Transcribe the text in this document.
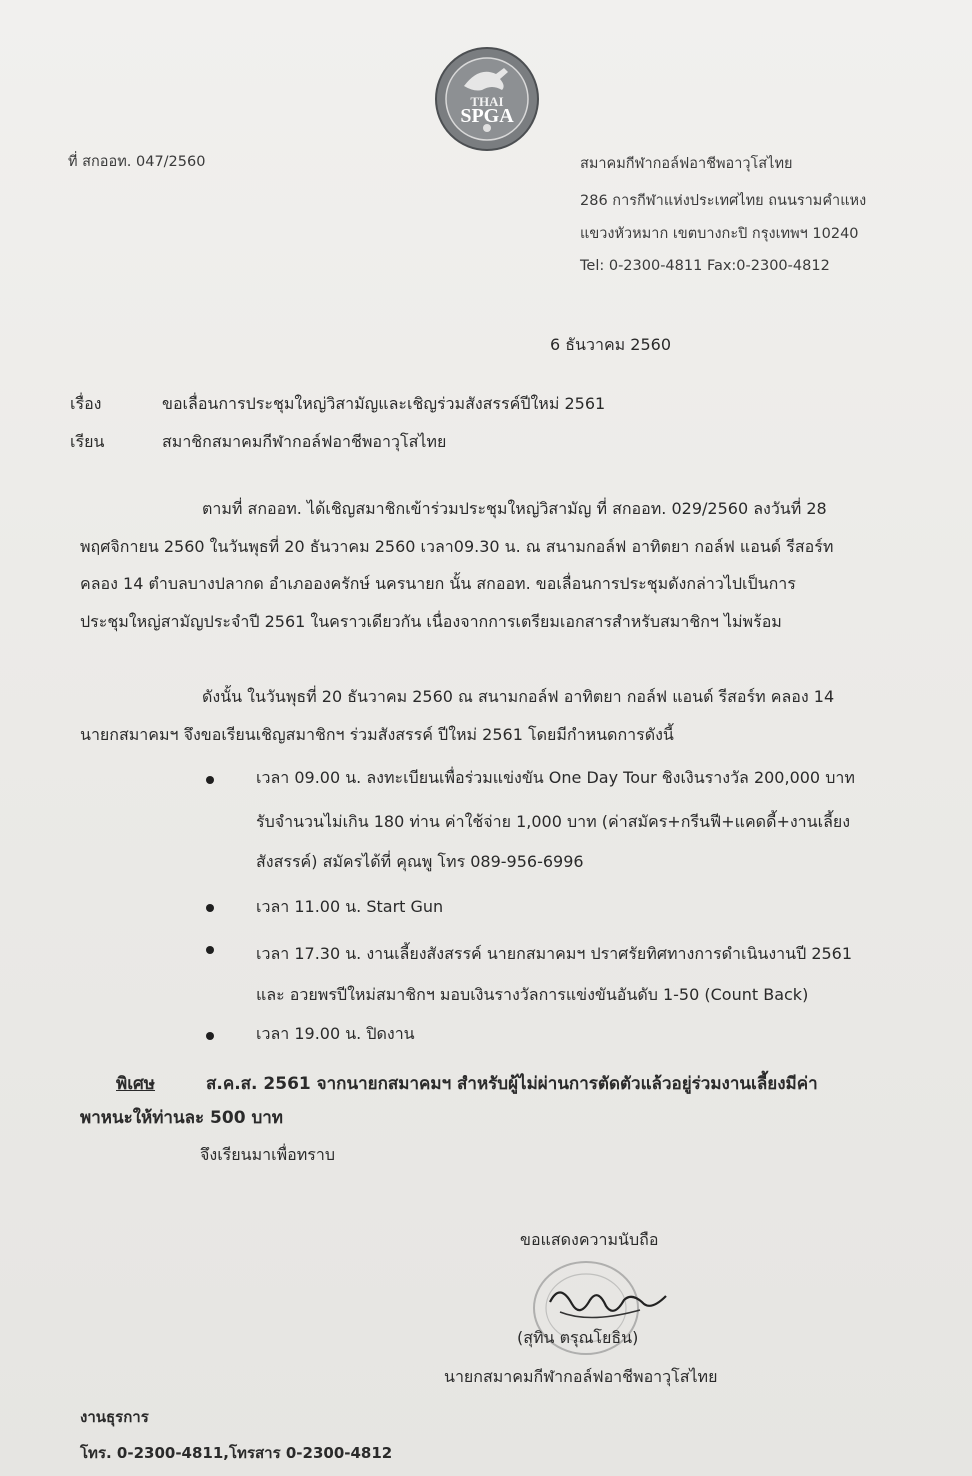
THAI
SPGA
ที่ สกออท. 047/2560	สมาคมกีฬากอล์ฟอาชีพอาวุโสไทย
286 การกีฬาแห่งประเทศไทย ถนนรามคำแหง
แขวงหัวหมาก เขตบางกะปิ กรุงเทพฯ 10240
Tel: 0-2300-4811 Fax:0-2300-4812
6 ธันวาคม 2560
เรื่อง	ขอเลื่อนการประชุมใหญ่วิสามัญและเชิญร่วมสังสรรค์ปีใหม่ 2561
เรียน	สมาชิกสมาคมกีฬากอล์ฟอาชีพอาวุโสไทย

ตามที่ สกออท. ได้เชิญสมาชิกเข้าร่วมประชุมใหญ่วิสามัญ ที่ สกออท. 029/2560 ลงวันที่ 28

พฤศจิกายน 2560 ในวันพุธที่ 20 ธันวาคม 2560 เวลา09.30 น. ณ สนามกอล์ฟ อาทิตยา กอล์ฟ แอนด์ รีสอร์ท

คลอง 14 ตำบลบางปลากด อำเภอองครักษ์ นครนายก นั้น สกออท. ขอเลื่อนการประชุมดังกล่าวไปเป็นการ

ประชุมใหญ่สามัญประจำปี 2561 ในคราวเดียวกัน เนื่องจากการเตรียมเอกสารสำหรับสมาชิกฯ ไม่พร้อม

ดังนั้น ในวันพุธที่ 20 ธันวาคม 2560 ณ สนามกอล์ฟ อาทิตยา กอล์ฟ แอนด์ รีสอร์ท คลอง 14

นายกสมาคมฯ จึงขอเรียนเชิญสมาชิกฯ ร่วมสังสรรค์ ปีใหม่ 2561 โดยมีกำหนดการดังนี้

เวลา 09.00 น. ลงทะเบียนเพื่อร่วมแข่งขัน One Day Tour ชิงเงินรางวัล 200,000 บาท
รับจำนวนไม่เกิน 180 ท่าน ค่าใช้จ่าย 1,000 บาท (ค่าสมัคร+กรีนฟี+แคดดี้+งานเลี้ยง
สังสรรค์) สมัครได้ที่ คุณพู โทร 089-956-6996
เวลา 11.00 น. Start Gun
เวลา 17.30 น. งานเลี้ยงสังสรรค์ นายกสมาคมฯ ปราศรัยทิศทางการดำเนินงานปี 2561
และ อวยพรปีใหม่สมาชิกฯ มอบเงินรางวัลการแข่งขันอันดับ 1-50 (Count Back)
เวลา 19.00 น. ปิดงาน
พิเศษ	ส.ค.ส. 2561 จากนายกสมาคมฯ สำหรับผู้ไม่ผ่านการตัดตัวแล้วอยู่ร่วมงานเลี้ยงมีค่า
พาหนะให้ท่านละ 500 บาท
จึงเรียนมาเพื่อทราบ
ขอแสดงความนับถือ
(สุทิน ตรุณโยธิน)
นายกสมาคมกีฬากอล์ฟอาชีพอาวุโสไทย
งานธุรการ
โทร. 0-2300-4811,โทรสาร 0-2300-4812
